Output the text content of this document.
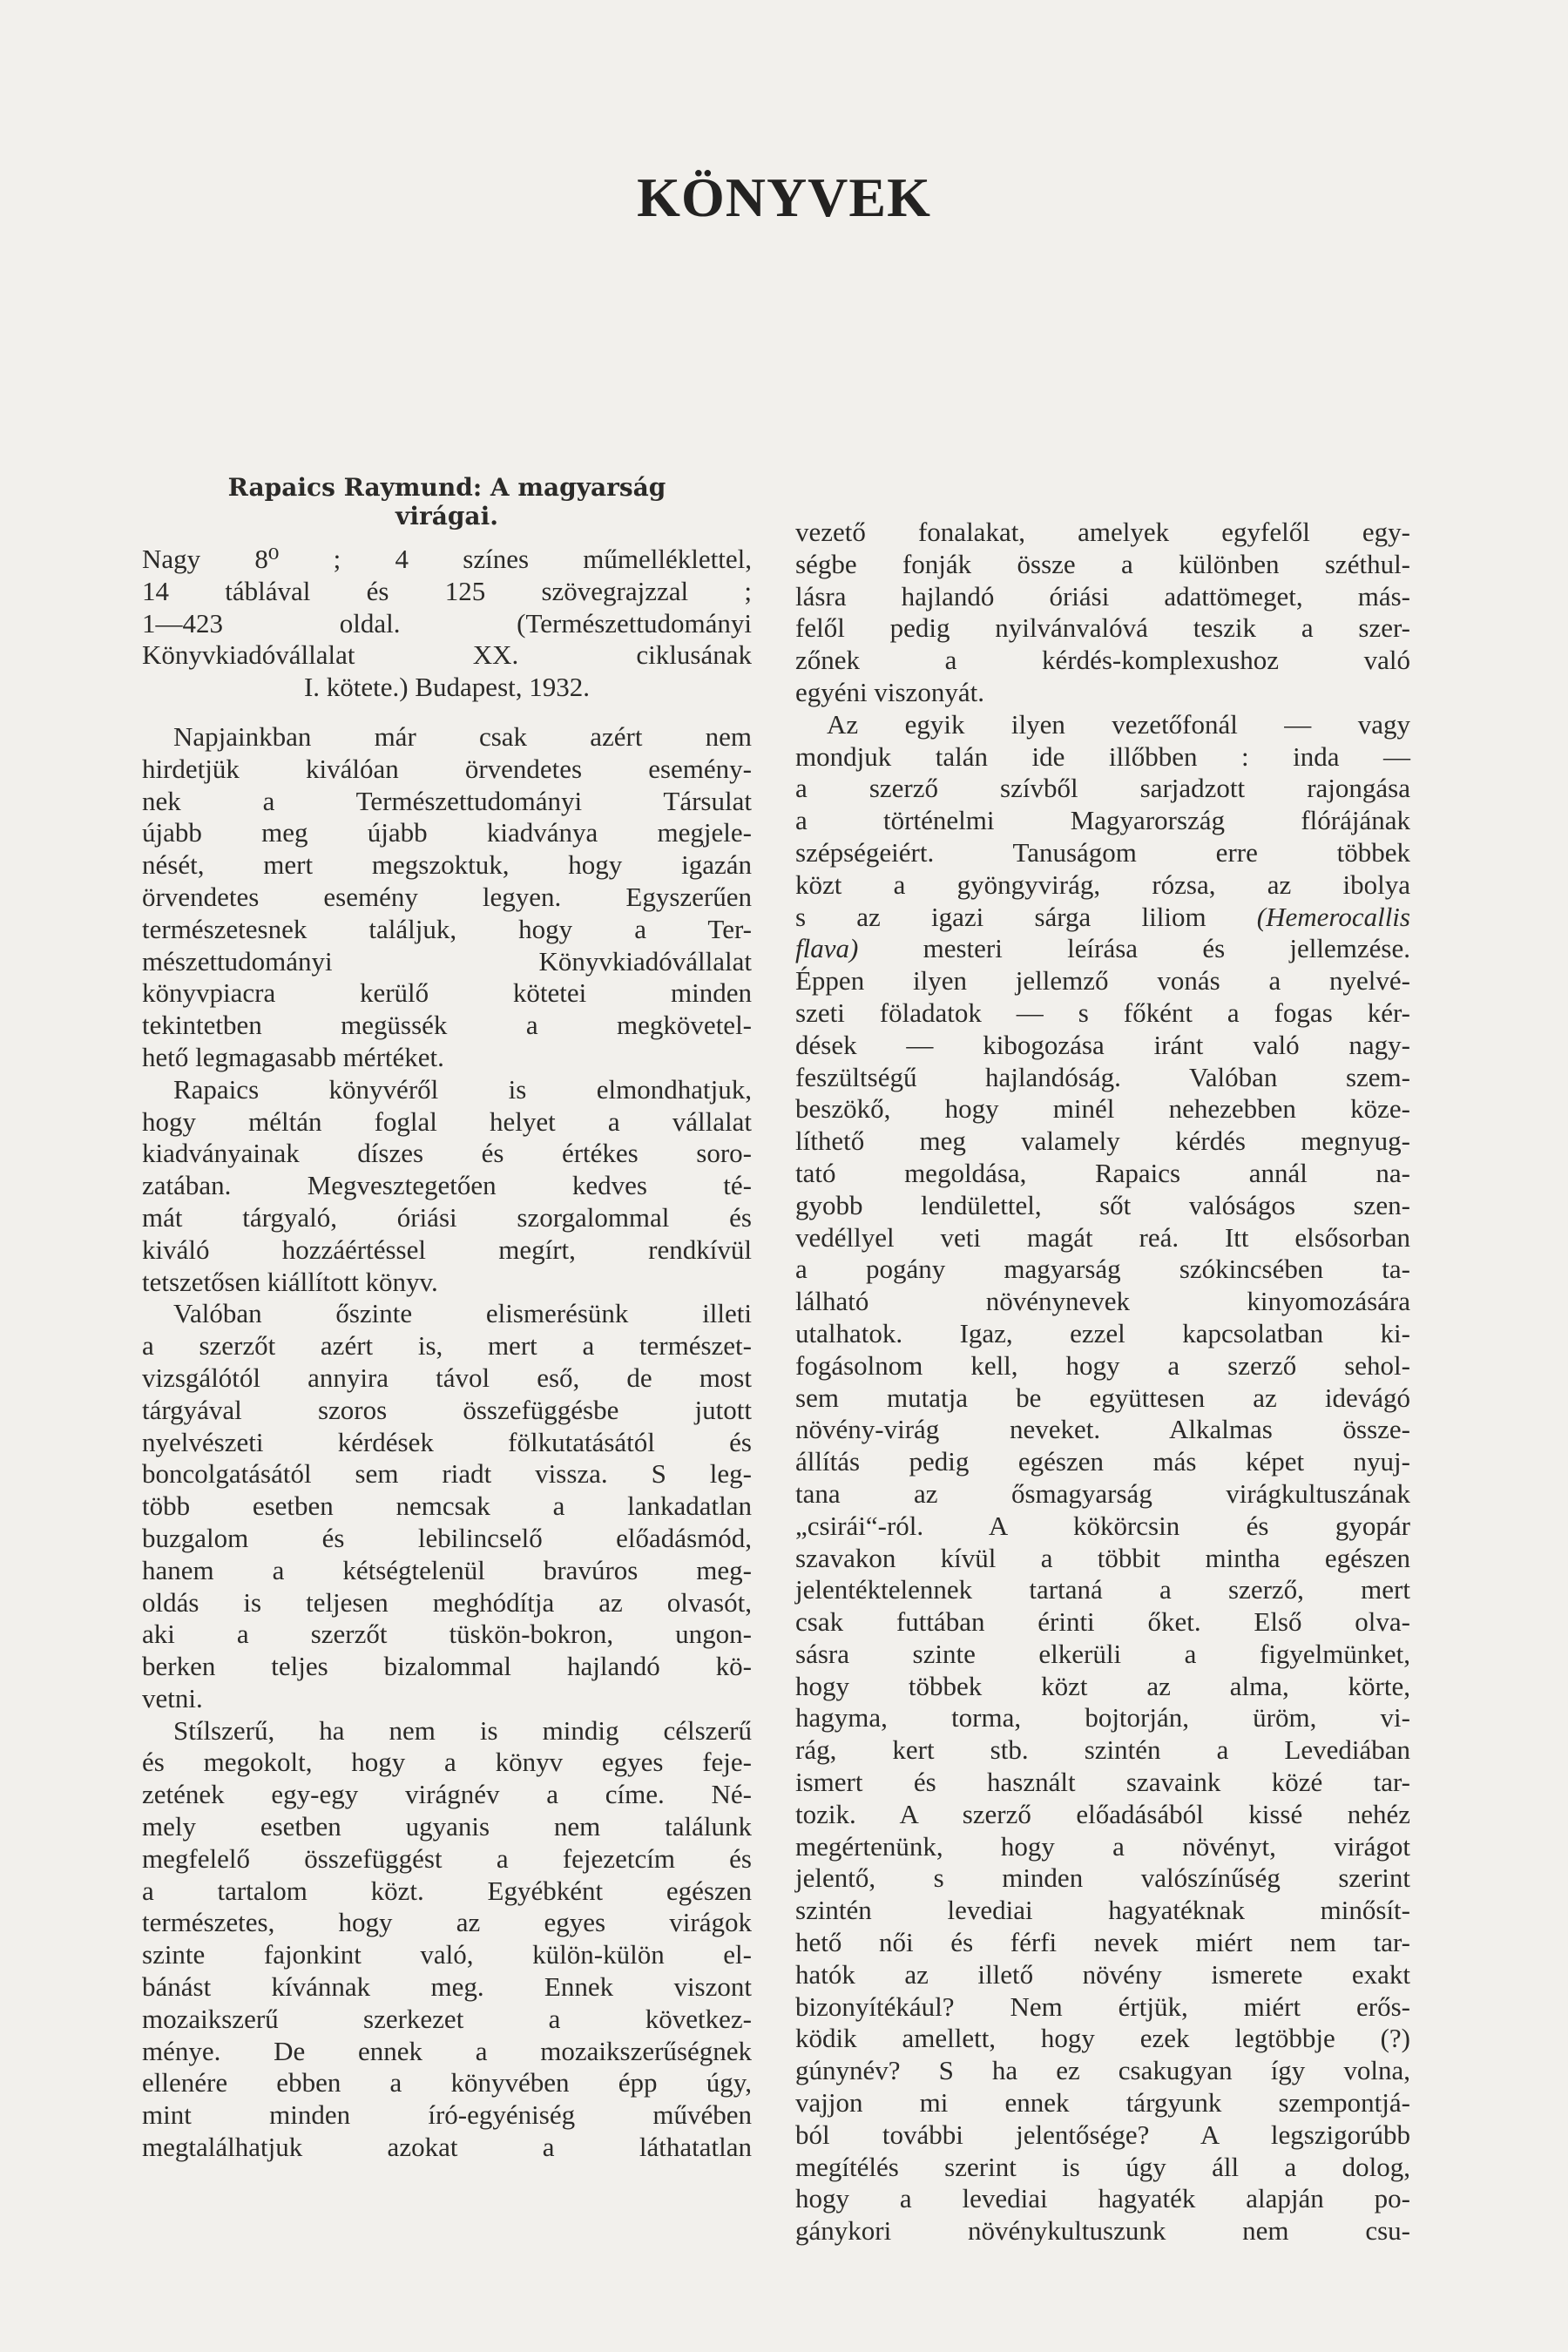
KÖNYVEK
Rapaics Raymund: A magyarság
virágai.
Nagy 8⁰ ; 4 színes műmelléklettel,
14 táblával és 125 szövegrajzzal ;
1—423 oldal. (Természettudományi
Könyvkiadóvállalat XX. ciklusának
I. kötete.) Budapest, 1932.
Napjainkban már csak azért nem
hirdetjük kiválóan örvendetes esemény-
nek a Természettudományi Társulat
újabb meg újabb kiadványa megjele-
nését, mert megszoktuk, hogy igazán
örvendetes esemény legyen. Egyszerűen
természetesnek találjuk, hogy a Ter-
mészettudományi Könyvkiadóvállalat
könyvpiacra kerülő kötetei minden
tekintetben megüssék a megkövetel-
hető legmagasabb mértéket.
Rapaics könyvéről is elmondhatjuk,
hogy méltán foglal helyet a vállalat
kiadványainak díszes és értékes soro-
zatában. Megvesztegetően kedves té-
mát tárgyaló, óriási szorgalommal és
kiváló hozzáértéssel megírt, rendkívül
tetszetősen kiállított könyv.
Valóban őszinte elismerésünk illeti
a szerzőt azért is, mert a természet-
vizsgálótól annyira távol eső, de most
tárgyával szoros összefüggésbe jutott
nyelvészeti kérdések fölkutatásától és
boncolgatásától sem riadt vissza. S leg-
több esetben nemcsak a lankadatlan
buzgalom és lebilincselő előadásmód,
hanem a kétségtelenül bravúros meg-
oldás is teljesen meghódítja az olvasót,
aki a szerzőt tüskön-bokron, ungon-
berken teljes bizalommal hajlandó kö-
vetni.
Stílszerű, ha nem is mindig célszerű
és megokolt, hogy a könyv egyes feje-
zetének egy-egy virágnév a címe. Né-
mely esetben ugyanis nem találunk
megfelelő összefüggést a fejezetcím és
a tartalom közt. Egyébként egészen
természetes, hogy az egyes virágok
szinte fajonkint való, külön-külön el-
bánást kívánnak meg. Ennek viszont
mozaikszerű szerkezet a következ-
ménye. De ennek a mozaikszerűségnek
ellenére ebben a könyvében épp úgy,
mint minden író-egyéniség művében
megtalálhatjuk azokat a láthatatlan
vezető fonalakat, amelyek egyfelől egy-
ségbe fonják össze a különben széthul-
lásra hajlandó óriási adattömeget, más-
felől pedig nyilvánvalóvá teszik a szer-
zőnek a kérdés-komplexushoz való
egyéni viszonyát.
Az egyik ilyen vezetőfonál — vagy
mondjuk talán ide illőbben : inda —
a szerző szívből sarjadzott rajongása
a történelmi Magyarország flórájának
szépségeiért. Tanuságom erre többek
közt a gyöngyvirág, rózsa, az ibolya
s az igazi sárga liliom (Hemerocallis
flava) mesteri leírása és jellemzése.
Éppen ilyen jellemző vonás a nyelvé-
szeti föladatok — s főként a fogas kér-
dések — kibogozása iránt való nagy-
feszültségű hajlandóság. Valóban szem-
beszökő, hogy minél nehezebben köze-
líthető meg valamely kérdés megnyug-
tató megoldása, Rapaics annál na-
gyobb lendülettel, sőt valóságos szen-
vedéllyel veti magát reá. Itt elsősorban
a pogány magyarság szókincsében ta-
lálható növénynevek kinyomozására
utalhatok. Igaz, ezzel kapcsolatban ki-
fogásolnom kell, hogy a szerző sehol-
sem mutatja be együttesen az idevágó
növény-virág neveket. Alkalmas össze-
állítás pedig egészen más képet nyuj-
tana az ősmagyarság virágkultuszának
„csirái“-ról. A kökörcsin és gyopár
szavakon kívül a többit mintha egészen
jelentéktelennek tartaná a szerző, mert
csak futtában érinti őket. Első olva-
sásra szinte elkerüli a figyelmünket,
hogy többek közt az alma, körte,
hagyma, torma, bojtorján, üröm, vi-
rág, kert stb. szintén a Levediában
ismert és használt szavaink közé tar-
tozik. A szerző előadásából kissé nehéz
megértenünk, hogy a növényt, virágot
jelentő, s minden valószínűség szerint
szintén levediai hagyatéknak minősít-
hető női és férfi nevek miért nem tar-
hatók az illető növény ismerete exakt
bizonyítékául? Nem értjük, miért erős-
ködik amellett, hogy ezek legtöbbje (?)
gúnynév? S ha ez csakugyan így volna,
vajjon mi ennek tárgyunk szempontjá-
ból további jelentősége? A legszigorúbb
megítélés szerint is úgy áll a dolog,
hogy a levediai hagyaték alapján po-
gánykori növénykultuszunk nem csu-
